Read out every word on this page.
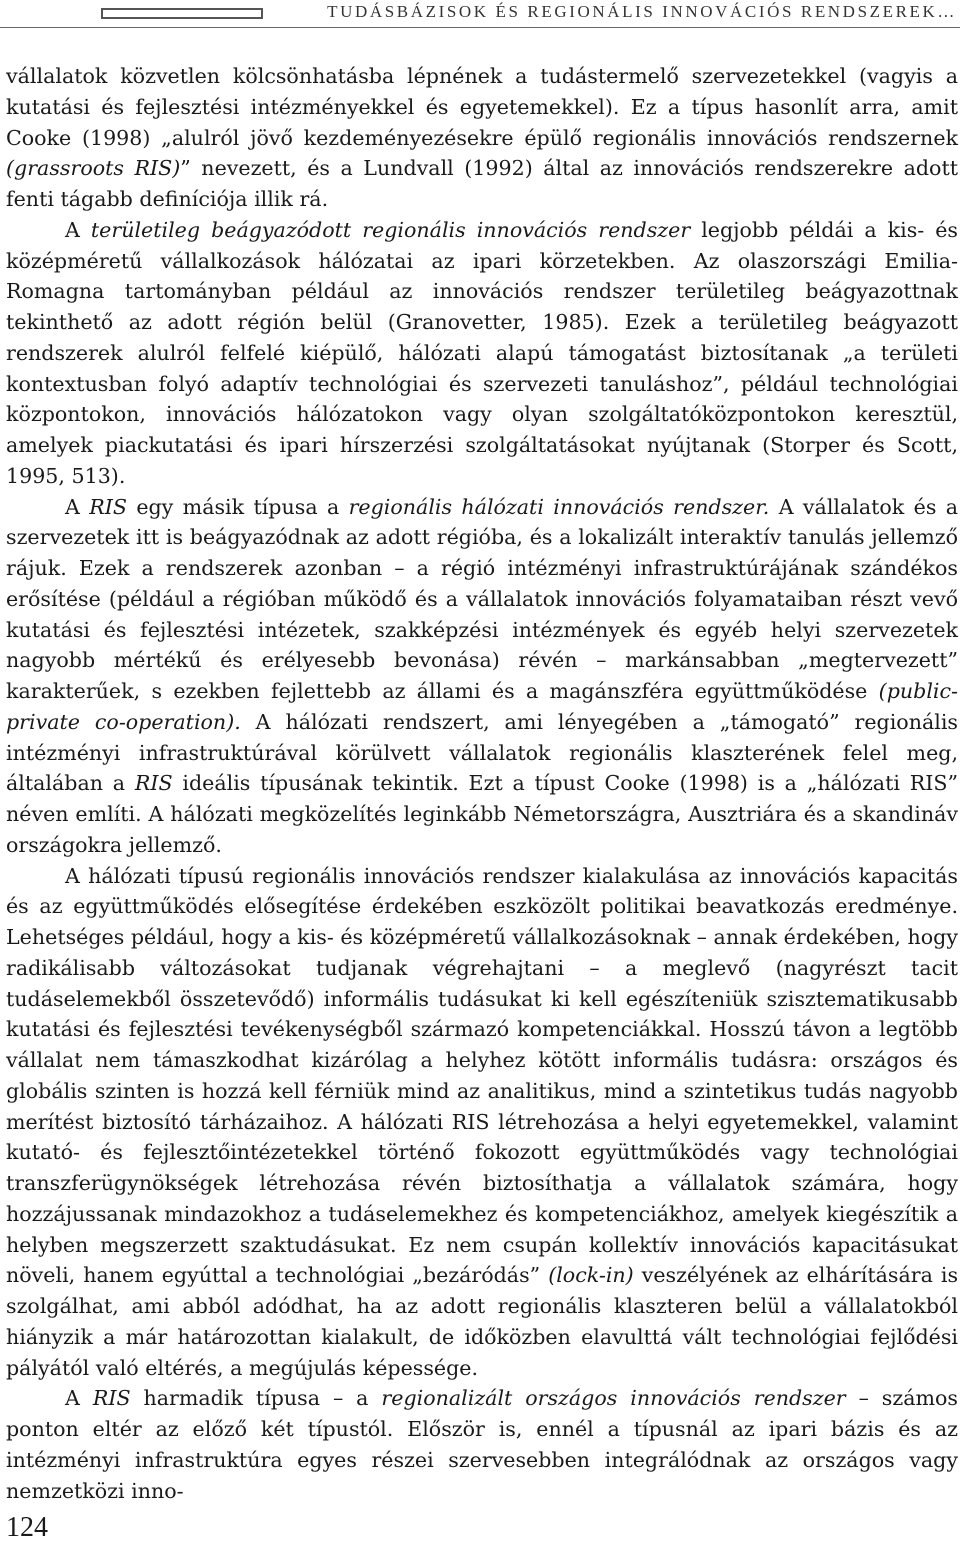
TUDÁSBÁZISOK ÉS REGIONÁLIS INNOVÁCIÓS RENDSZEREK…

vállalatok közvetlen kölcsönhatásba lépnének a tudástermelő szervezetekkel (vagyis a kutatási és fejlesztési intézményekkel és egyetemekkel). Ez a típus hasonlít arra, amit Cooke (1998) „alulról jövő kezdeményezésekre épülő regionális innovációs rendszernek (grassroots RIS)” nevezett, és a Lundvall (1992) által az innovációs rendszerekre adott fenti tágabb definíciója illik rá.

A területileg beágyazódott regionális innovációs rendszer legjobb példái a kis- és középméretű vállalkozások hálózatai az ipari körzetekben. Az olaszországi Emilia-Romagna tartományban például az innovációs rendszer területileg beágyazottnak tekinthető az adott régión belül (Granovetter, 1985). Ezek a területileg beágyazott rendszerek alulról felfelé kiépülő, hálózati alapú támogatást biztosítanak „a területi kontextusban folyó adaptív technológiai és szervezeti tanuláshoz”, például technológiai központokon, innovációs hálózatokon vagy olyan szolgáltatóközpontokon keresztül, amelyek piackutatási és ipari hírszerzési szolgáltatásokat nyújtanak (Storper és Scott, 1995, 513).

A RIS egy másik típusa a regionális hálózati innovációs rendszer. A vállalatok és a szervezetek itt is beágyazódnak az adott régióba, és a lokalizált interaktív tanulás jellemző rájuk. Ezek a rendszerek azonban – a régió intézményi infrastruktúrájának szándékos erősítése (például a régióban működő és a vállalatok innovációs folyamataiban részt vevő kutatási és fejlesztési intézetek, szakképzési intézmények és egyéb helyi szervezetek nagyobb mértékű és erélyesebb bevonása) révén – markánsabban „megtervezett” karakterűek, s ezekben fejlettebb az állami és a magánszféra együttműködése (public-private co-operation). A hálózati rendszert, ami lényegében a „támogató” regionális intézményi infrastruktúrával körülvett vállalatok regionális klaszterének felel meg, általában a RIS ideális típusának tekintik. Ezt a típust Cooke (1998) is a „hálózati RIS” néven említi. A hálózati megközelítés leginkább Németországra, Ausztriára és a skandináv országokra jellemző.

A hálózati típusú regionális innovációs rendszer kialakulása az innovációs kapacitás és az együttműködés elősegítése érdekében eszközölt politikai beavatkozás eredménye. Lehetséges például, hogy a kis- és középméretű vállalkozásoknak – annak érdekében, hogy radikálisabb változásokat tudjanak végrehajtani – a meglevő (nagyrészt tacit tudáselemekből összetevődő) informális tudásukat ki kell egészíteniük szisztematikusabb kutatási és fejlesztési tevékenységből származó kompetenciákkal. Hosszú távon a legtöbb vállalat nem támaszkodhat kizárólag a helyhez kötött informális tudásra: országos és globális szinten is hozzá kell férniük mind az analitikus, mind a szintetikus tudás nagyobb merítést biztosító tárházaihoz. A hálózati RIS létrehozása a helyi egyetemekkel, valamint kutató- és fejlesztőintézetekkel történő fokozott együttműködés vagy technológiai transzferügynökségek létrehozása révén biztosíthatja a vállalatok számára, hogy hozzájussanak mindazokhoz a tudáselemekhez és kompetenciákhoz, amelyek kiegészítik a helyben megszerzett szaktudásukat. Ez nem csupán kollektív innovációs kapacitásukat növeli, hanem egyúttal a technológiai „bezáródás” (lock-in) veszélyének az elhárítására is szolgálhat, ami abból adódhat, ha az adott regionális klaszteren belül a vállalatokból hiányzik a már határozottan kialakult, de időközben elavulttá vált technológiai fejlődési pályától való eltérés, a megújulás képessége.

A RIS harmadik típusa – a regionalizált országos innovációs rendszer – számos ponton eltér az előző két típustól. Először is, ennél a típusnál az ipari bázis és az intézményi infrastruktúra egyes részei szervesebben integrálódnak az országos vagy nemzetközi inno-

124
